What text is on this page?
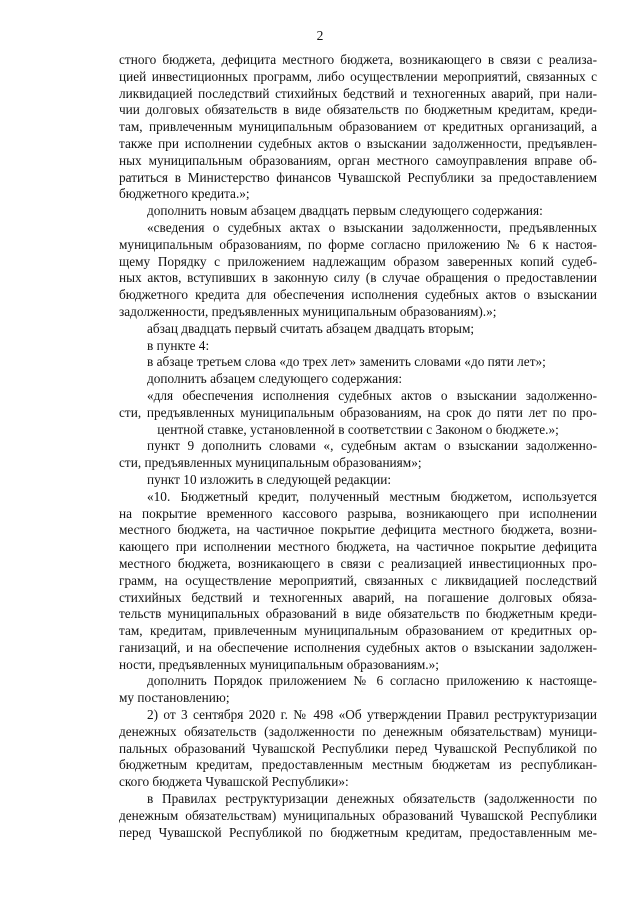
2
стного бюджета, дефицита местного бюджета, возникающего в связи с реализа-
цией инвестиционных программ, либо осуществлении мероприятий, связанных с
ликвидацией последствий стихийных бедствий и техногенных аварий, при нали-
чии долговых обязательств в виде обязательств по бюджетным кредитам, креди-
там, привлеченным муниципальным образованием от кредитных организаций, а
также при исполнении судебных актов о взыскании задолженности, предъявлен-
ных муниципальным образованиям, орган местного самоуправления вправе об-
ратиться в Министерство финансов Чувашской Республики за предоставлением
бюджетного кредита.»;
дополнить новым абзацем двадцать первым следующего содержания:
«сведения о судебных актах о взыскании задолженности, предъявленных
муниципальным образованиям, по форме согласно приложению № 6 к настоя-
щему Порядку с приложением надлежащим образом заверенных копий судеб-
ных актов, вступивших в законную силу (в случае обращения о предоставлении
бюджетного кредита для обеспечения исполнения судебных актов о взыскании
задолженности, предъявленных муниципальным образованиям).»;
абзац двадцать первый считать абзацем двадцать вторым;
в пункте 4:
в абзаце третьем слова «до трех лет» заменить словами «до пяти лет»;
дополнить абзацем следующего содержания:
«для обеспечения исполнения судебных актов о взыскании задолженно-
сти, предъявленных муниципальным образованиям, на срок до пяти лет по про-
центной ставке, установленной в соответствии с Законом о бюджете.»;
пункт 9 дополнить словами «, судебным актам о взыскании задолженно-
сти, предъявленных муниципальным образованиям»;
пункт 10 изложить в следующей редакции:
«10. Бюджетный кредит, полученный местным бюджетом, используется
на покрытие временного кассового разрыва, возникающего при исполнении
местного бюджета, на частичное покрытие дефицита местного бюджета, возни-
кающего при исполнении местного бюджета, на частичное покрытие дефицита
местного бюджета, возникающего в связи с реализацией инвестиционных про-
грамм, на осуществление мероприятий, связанных с ликвидацией последствий
стихийных бедствий и техногенных аварий, на погашение долговых обяза-
тельств муниципальных образований в виде обязательств по бюджетным креди-
там, кредитам, привлеченным муниципальным образованием от кредитных ор-
ганизаций, и на обеспечение исполнения судебных актов о взыскании задолжен-
ности, предъявленных муниципальным образованиям.»;
дополнить Порядок приложением № 6 согласно приложению к настояще-
му постановлению;
2) от 3 сентября 2020 г. № 498 «Об утверждении Правил реструктуризации
денежных обязательств (задолженности по денежным обязательствам) муници-
пальных образований Чувашской Республики перед Чувашской Республикой по
бюджетным кредитам, предоставленным местным бюджетам из республикан-
ского бюджета Чувашской Республики»:
в Правилах реструктуризации денежных обязательств (задолженности по
денежным обязательствам) муниципальных образований Чувашской Республики
перед Чувашской Республикой по бюджетным кредитам, предоставленным ме-
